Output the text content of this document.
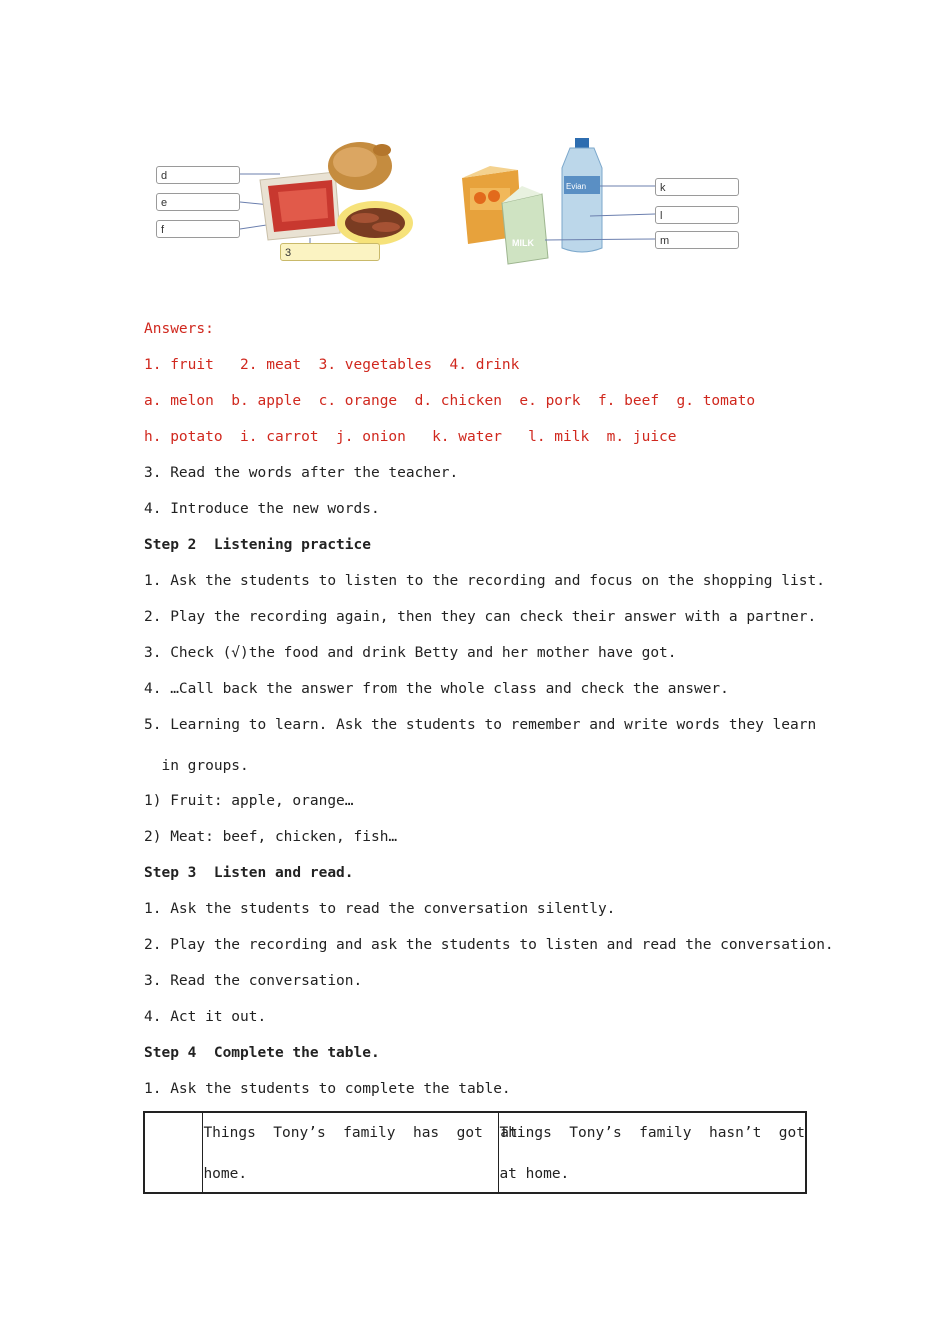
MILK
Evian
d
e
f
3
k
l
m
Answers:
1. fruit   2. meat  3. vegetables  4. drink
a. melon  b. apple  c. orange  d. chicken  e. pork  f. beef  g. tomato
h. potato  i. carrot  j. onion   k. water   l. milk  m. juice
3. Read the words after the teacher.
4. Introduce the new words.
Step 2  Listening practice
1. Ask the students to listen to the recording and focus on the shopping list.
2. Play the recording again, then they can check their answer with a partner.
3. Check (√)the food and drink Betty and her mother have got.
4. …Call back the answer from the whole class and check the answer.
5. Learning to learn. Ask the students to remember and write words they learn
in groups.
1) Fruit: apple, orange…
2) Meat: beef, chicken, fish…
Step 3  Listen and read.
1. Ask the students to read the conversation silently.
2. Play the recording and ask the students to listen and read the conversation.
3. Read the conversation.
4. Act it out.
Step 4  Complete the table.
1. Ask the students to complete the table.
Things  Tony’s  family  has  got  at
home.
Things  Tony’s  family  hasn’t  got
at home.
